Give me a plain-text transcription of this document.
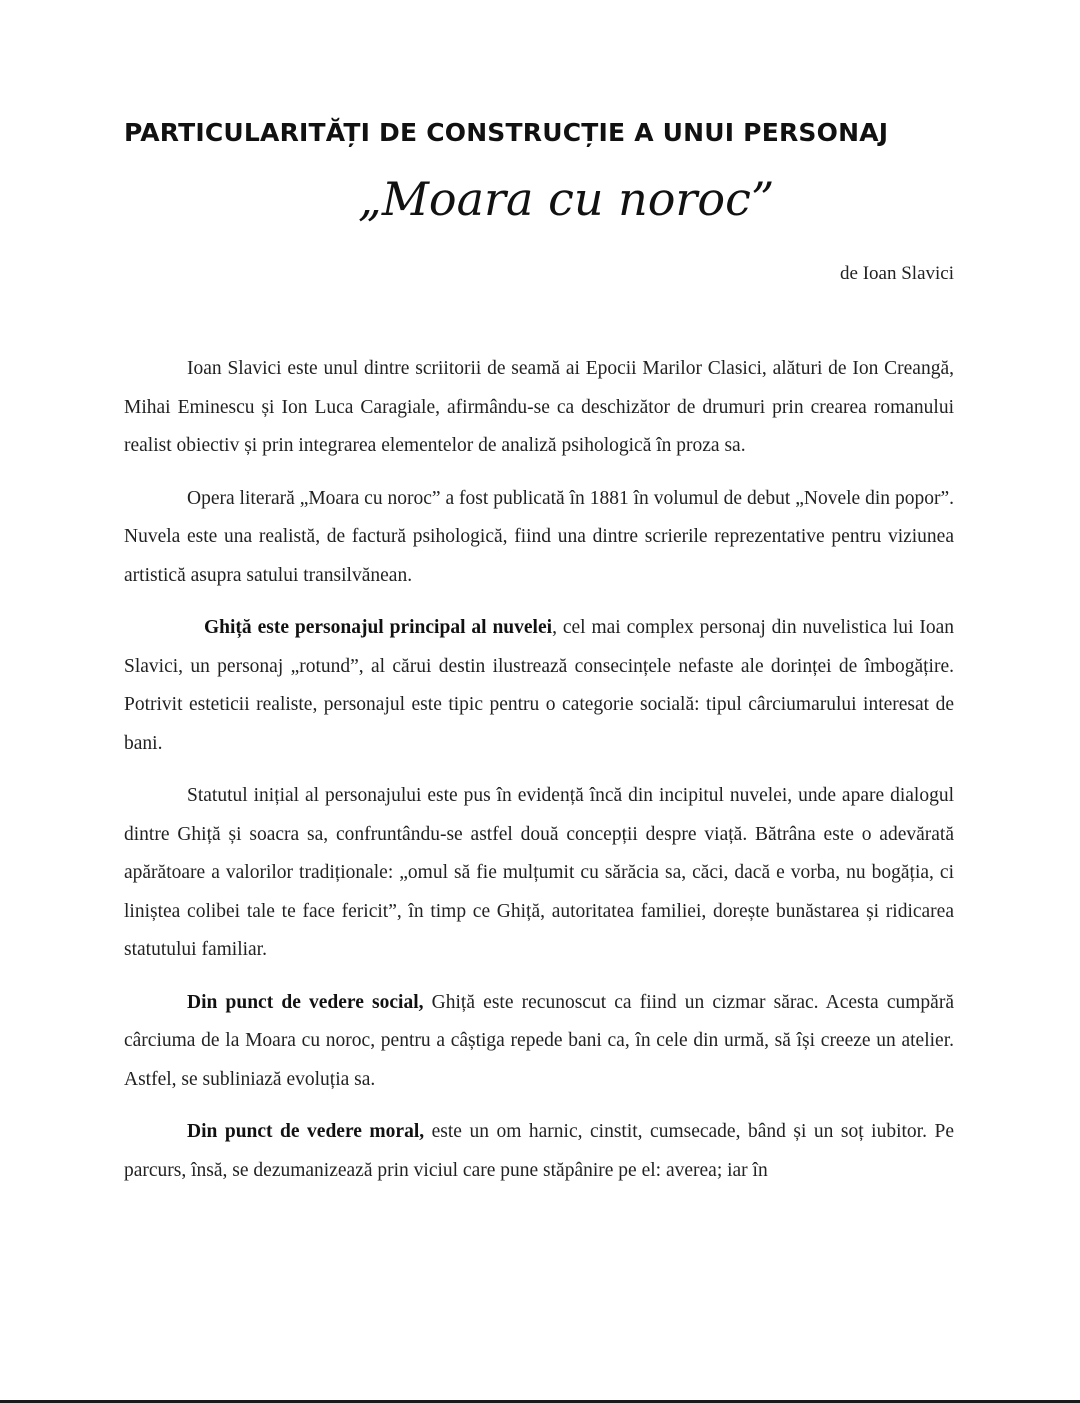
PARTICULARITĂȚI DE CONSTRUCȚIE A UNUI PERSONAJ
„Moara cu noroc”
de Ioan Slavici

Ioan Slavici este unul dintre scriitorii de seamă ai Epocii Marilor Clasici, alături de Ion Creangă, Mihai Eminescu și Ion Luca Caragiale, afirmându-se ca deschizător de drumuri prin crearea romanului realist obiectiv și prin integrarea elementelor de analiză psihologică în proza sa.

Opera literară „Moara cu noroc” a fost publicată în 1881 în volumul de debut „Novele din popor”. Nuvela este una realistă, de factură psihologică, fiind una dintre scrierile reprezentative pentru viziunea artistică asupra satului transilvănean.

Ghiță este personajul principal al nuvelei, cel mai complex personaj din nuvelistica lui Ioan Slavici, un personaj „rotund”, al cărui destin ilustrează consecințele nefaste ale dorinței de îmbogățire. Potrivit esteticii realiste, personajul este tipic pentru o categorie socială: tipul cârciumarului interesat de bani.

Statutul inițial al personajului este pus în evidență încă din incipitul nuvelei, unde apare dialogul dintre Ghiță și soacra sa, confruntându-se astfel două concepții despre viață. Bătrâna este o adevărată apărătoare a valorilor tradiționale: „omul să fie mulțumit cu sărăcia sa, căci, dacă e vorba, nu bogăția, ci liniștea colibei tale te face fericit”, în timp ce Ghiță, autoritatea familiei, dorește bunăstarea și ridicarea statutului familiar.

Din punct de vedere social, Ghiță este recunoscut ca fiind un cizmar sărac. Acesta cumpără cârciuma de la Moara cu noroc, pentru a câștiga repede bani ca, în cele din urmă, să își creeze un atelier. Astfel, se subliniază evoluția sa.

Din punct de vedere moral, este un om harnic, cinstit, cumsecade, bând și un soț iubitor. Pe parcurs, însă, se dezumanizează prin viciul care pune stăpânire pe el: averea; iar în
